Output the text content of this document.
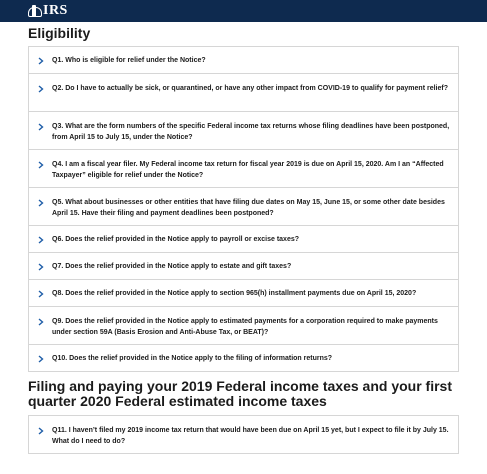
IRS
Eligibility
Q1. Who is eligible for relief under the Notice?
Q2. Do I have to actually be sick, or quarantined, or have any other impact from COVID-19 to qualify for payment relief?
Q3. What are the form numbers of the specific Federal income tax returns whose filing deadlines have been postponed, from April 15 to July 15, under the Notice?
Q4. I am a fiscal year filer. My Federal income tax return for fiscal year 2019 is due on April 15, 2020. Am I an “Affected Taxpayer” eligible for relief under the Notice?
Q5. What about businesses or other entities that have filing due dates on May 15, June 15, or some other date besides April 15. Have their filing and payment deadlines been postponed?
Q6. Does the relief provided in the Notice apply to payroll or excise taxes?
Q7. Does the relief provided in the Notice apply to estate and gift taxes?
Q8. Does the relief provided in the Notice apply to section 965(h) installment payments due on April 15, 2020?
Q9. Does the relief provided in the Notice apply to estimated payments for a corporation required to make payments under section 59A (Basis Erosion and Anti-Abuse Tax, or BEAT)?
Q10. Does the relief provided in the Notice apply to the filing of information returns?
Filing and paying your 2019 Federal income taxes and your first quarter 2020 Federal estimated income taxes
Q11. I haven’t filed my 2019 income tax return that would have been due on April 15 yet, but I expect to file it by July 15. What do I need to do?
